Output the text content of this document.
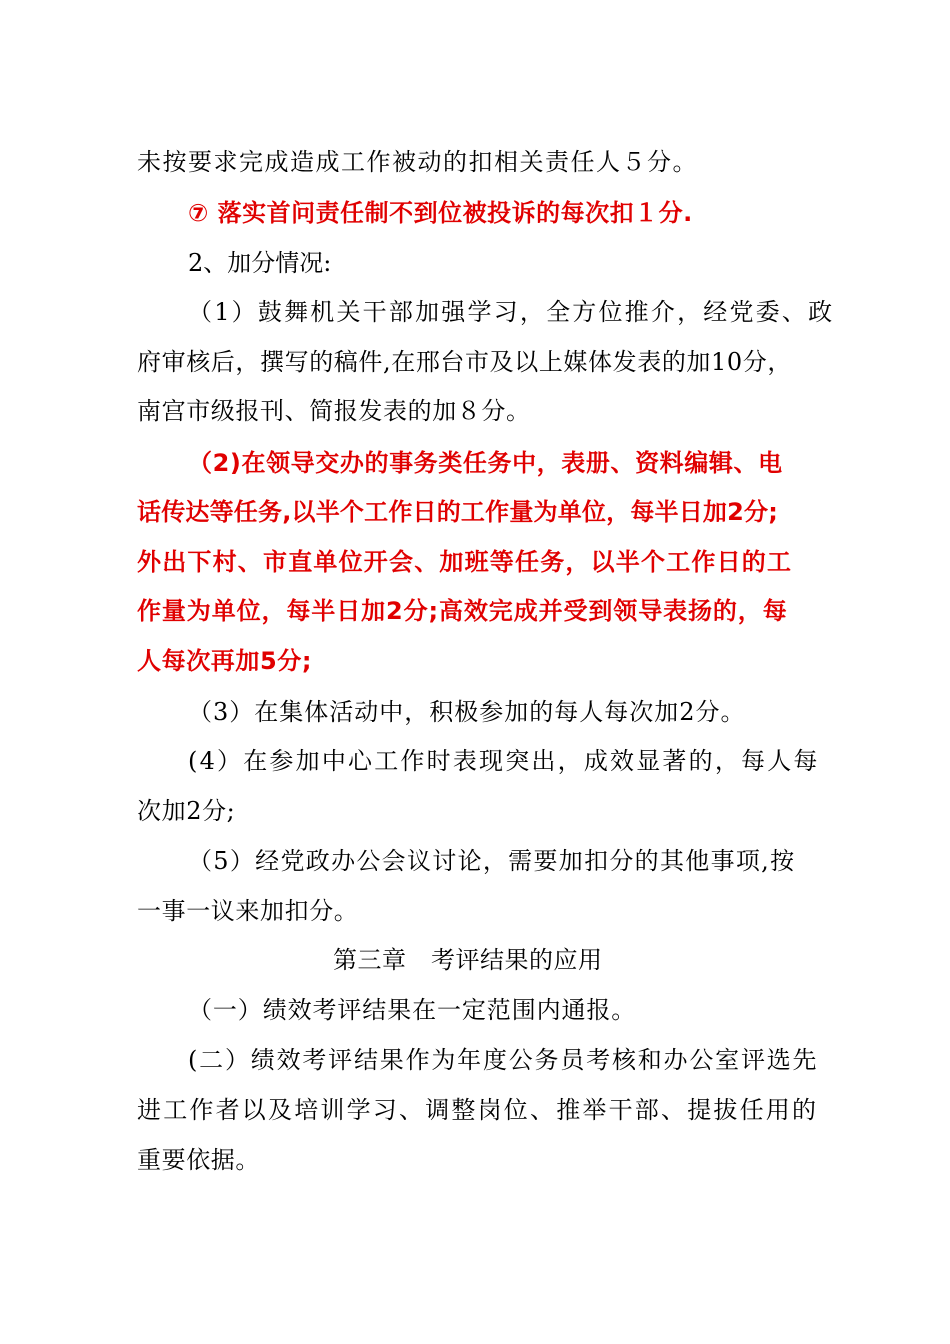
未按要求完成造成工作被动的扣相关责任人５分。
⑦ 落实首问责任制不到位被投诉的每次扣１分.
2、加分情况:
（1）鼓舞机关干部加强学习，全方位推介，经党委、政
府审核后，撰写的稿件,在邢台市及以上媒体发表的加10分，
南宫市级报刊、简报发表的加８分。
（2)在领导交办的事务类任务中，表册、资料编辑、电
话传达等任务,以半个工作日的工作量为单位，每半日加2分;
外出下村、市直单位开会、加班等任务，以半个工作日的工
作量为单位，每半日加2分;高效完成并受到领导表扬的，每
人每次再加5分;
（3）在集体活动中，积极参加的每人每次加2分。
(4）在参加中心工作时表现突出，成效显著的，每人每
次加2分;
（5）经党政办公会议讨论，需要加扣分的其他事项,按
一事一议来加扣分。
第三章　考评结果的应用
（一）绩效考评结果在一定范围内通报。
(二）绩效考评结果作为年度公务员考核和办公室评选先
进工作者以及培训学习、调整岗位、推举干部、提拔任用的
重要依据。
